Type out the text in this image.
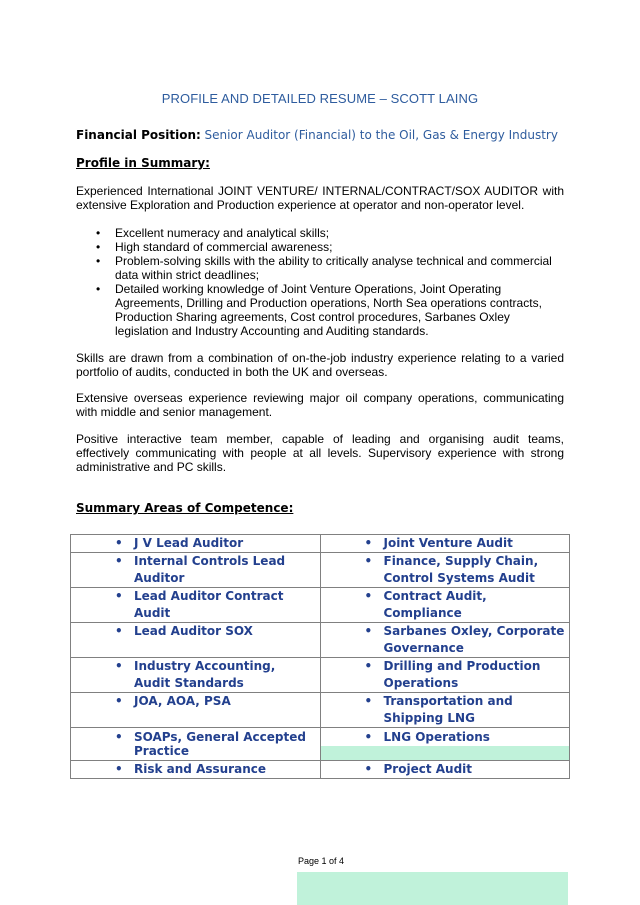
PROFILE AND DETAILED RESUME – SCOTT LAING
Financial Position: Senior Auditor (Financial) to the Oil, Gas & Energy Industry
Profile in Summary:
Experienced International JOINT VENTURE/ INTERNAL/CONTRACT/SOX AUDITOR with extensive Exploration and Production experience at operator and non-operator level.
• Excellent numeracy and analytical skills;
• High standard of commercial awareness;
• Problem-solving skills with the ability to critically analyse technical and commercial data within strict deadlines;
• Detailed working knowledge of Joint Venture Operations, Joint Operating Agreements, Drilling and Production operations, North Sea operations contracts, Production Sharing agreements, Cost control procedures, Sarbanes Oxley legislation and Industry Accounting and Auditing standards.
Skills are drawn from a combination of on-the-job industry experience relating to a varied portfolio of audits, conducted in both the UK and overseas.
Extensive overseas experience reviewing major oil company operations, communicating with middle and senior management.
Positive interactive team member, capable of leading and organising audit teams, effectively communicating with people at all levels. Supervisory experience with strong administrative and PC skills.
Summary Areas of Competence:
• J V Lead Auditor	• Joint Venture Audit

• Internal Controls Lead Auditor	• Finance, Supply Chain, Control Systems Audit

• Lead Auditor Contract Audit	• Contract Audit, Compliance

• Lead Auditor SOX	• Sarbanes Oxley, Corporate Governance

• Industry Accounting, Audit Standards	• Drilling and Production Operations

• JOA, AOA, PSA	• Transportation and Shipping LNG

• SOAPs, General Accepted Practice	• LNG Operations

• Risk and Assurance	• Project Audit
Page 1 of 4
